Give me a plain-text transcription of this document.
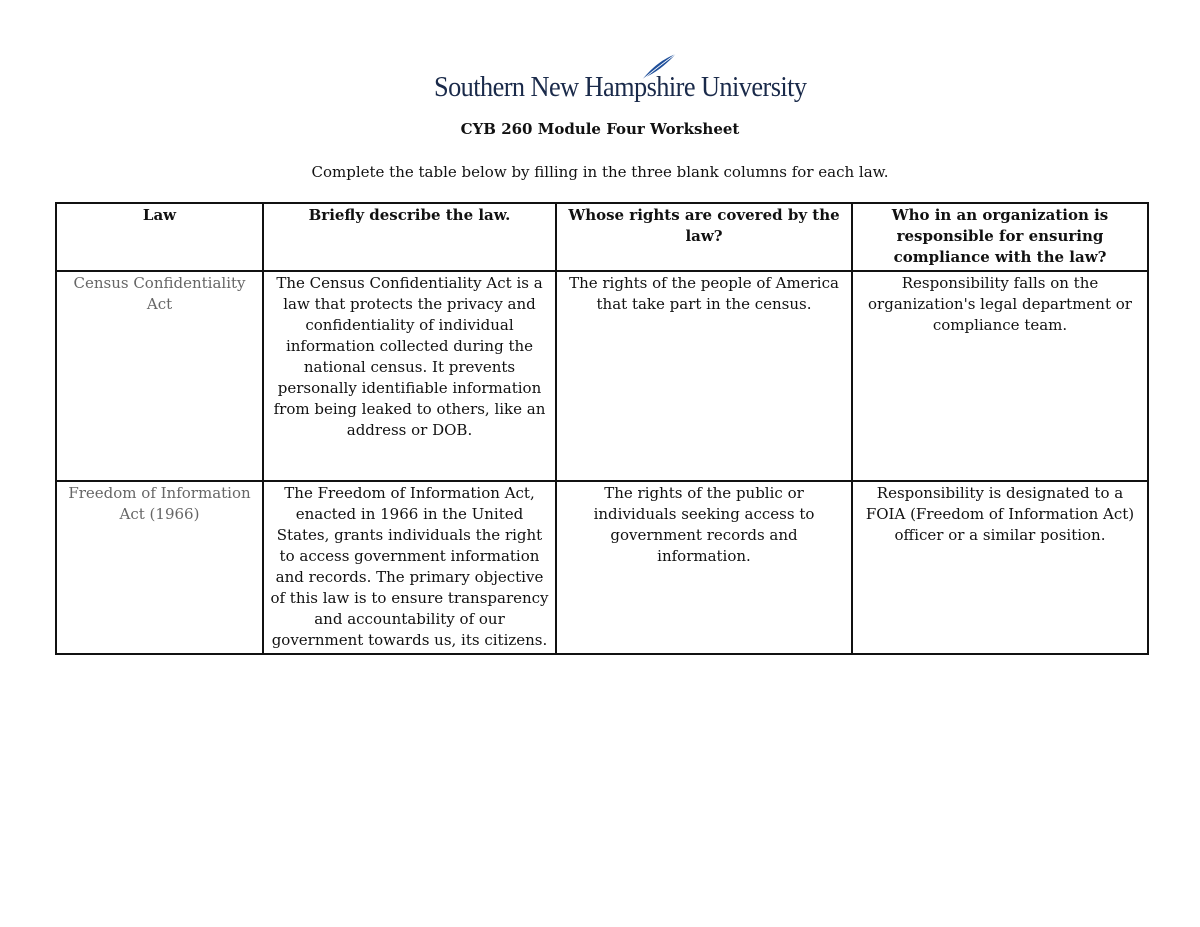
Southern New Hampshire University
CYB 260 Module Four Worksheet
Complete the table below by filling in the three blank columns for each law.
Law	Briefly describe the law.	Whose rights are covered by the law?	Who in an organization is responsible for ensuring compliance with the law?
Census Confidentiality Act	The Census Confidentiality Act is a law that protects the privacy and confidentiality of individual information collected during the national census. It prevents personally identifiable information from being leaked to others, like an address or DOB.	The rights of the people of America that take part in the census.	Responsibility falls on the organization's legal department or compliance team.
Freedom of Information Act (1966)	The Freedom of Information Act, enacted in 1966 in the United States, grants individuals the right to access government information and records. The primary objective of this law is to ensure transparency and accountability of our government towards us, its citizens.	The rights of the public or individuals seeking access to government records and information.	Responsibility is designated to a FOIA (Freedom of Information Act) officer or a similar position.
